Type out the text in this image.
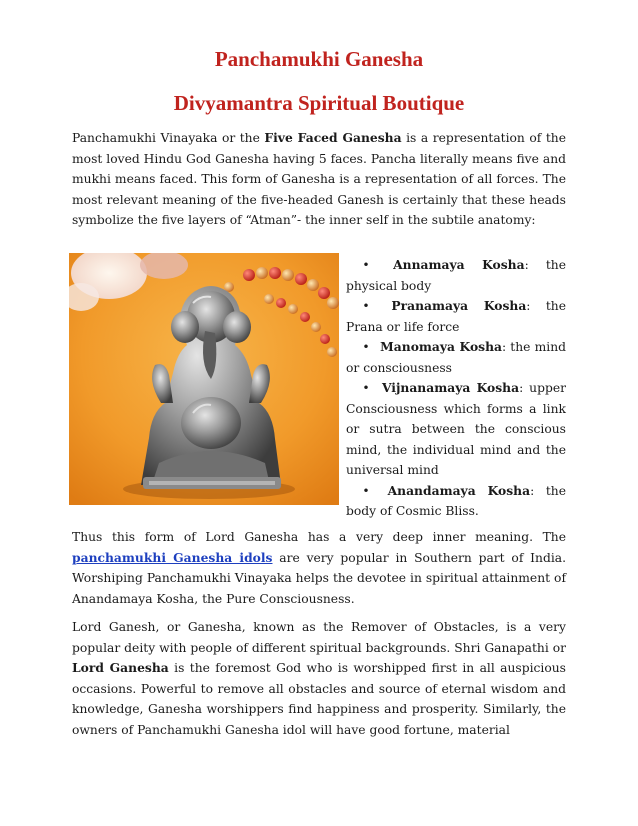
Panchamukhi Ganesha
Divyamantra Spiritual Boutique

Panchamukhi Vinayaka or the Five Faced Ganesha is a representation of the most loved Hindu God Ganesha having 5 faces. Pancha literally means five and mukhi means faced. This form of Ganesha is a representation of all forces. The most relevant meaning of the five-headed Ganesh is certainly that these heads symbolize the five layers of “Atman”- the inner self in the subtile anatomy:

• Annamaya Kosha: the physical body
• Pranamaya Kosha: the Prana or life force
• Manomaya Kosha: the mind or consciousness
• Vijnanamaya Kosha: upper Consciousness which forms a link or sutra between the conscious mind, the individual mind and the universal mind
• Anandamaya Kosha: the body of Cosmic Bliss.

Thus this form of Lord Ganesha has a very deep inner meaning. The panchamukhi Ganesha idols are very popular in Southern part of India. Worshiping Panchamukhi Vinayaka helps the devotee in spiritual attainment of Anandamaya Kosha, the Pure Consciousness.

Lord Ganesh, or Ganesha, known as the Remover of Obstacles, is a very popular deity with people of different spiritual backgrounds. Shri Ganapathi or Lord Ganesha is the foremost God who is worshipped first in all auspicious occasions. Powerful to remove all obstacles and source of eternal wisdom and knowledge, Ganesha worshippers find happiness and prosperity. Similarly, the owners of Panchamukhi Ganesha idol will have good fortune, material
